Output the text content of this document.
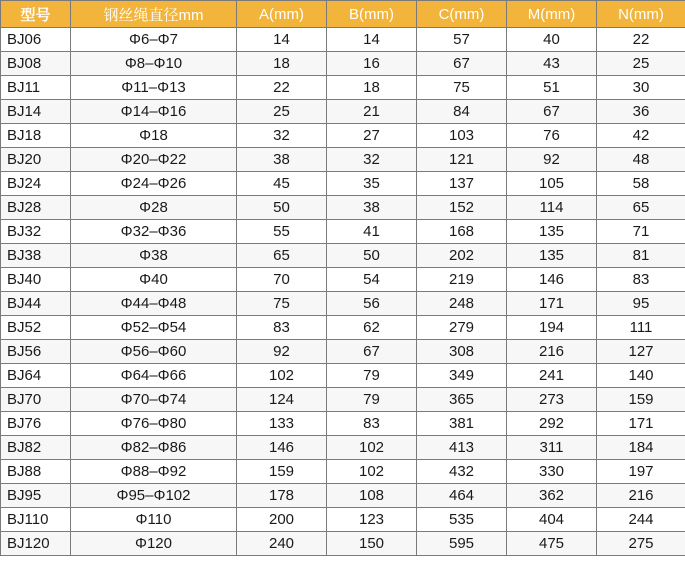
型号	钢丝绳直径mm	A(mm)	B(mm)	C(mm)	M(mm)	N(mm)
BJ06	Φ6–Φ7	14	14	57	40	22
BJ08	Φ8–Φ10	18	16	67	43	25
BJ11	Φ11–Φ13	22	18	75	51	30
BJ14	Φ14–Φ16	25	21	84	67	36
BJ18	Φ18	32	27	103	76	42
BJ20	Φ20–Φ22	38	32	121	92	48
BJ24	Φ24–Φ26	45	35	137	105	58
BJ28	Φ28	50	38	152	114	65
BJ32	Φ32–Φ36	55	41	168	135	71
BJ38	Φ38	65	50	202	135	81
BJ40	Φ40	70	54	219	146	83
BJ44	Φ44–Φ48	75	56	248	171	95
BJ52	Φ52–Φ54	83	62	279	194	111
BJ56	Φ56–Φ60	92	67	308	216	127
BJ64	Φ64–Φ66	102	79	349	241	140
BJ70	Φ70–Φ74	124	79	365	273	159
BJ76	Φ76–Φ80	133	83	381	292	171
BJ82	Φ82–Φ86	146	102	413	311	184
BJ88	Φ88–Φ92	159	102	432	330	197
BJ95	Φ95–Φ102	178	108	464	362	216
BJ110	Φ110	200	123	535	404	244
BJ120	Φ120	240	150	595	475	275
